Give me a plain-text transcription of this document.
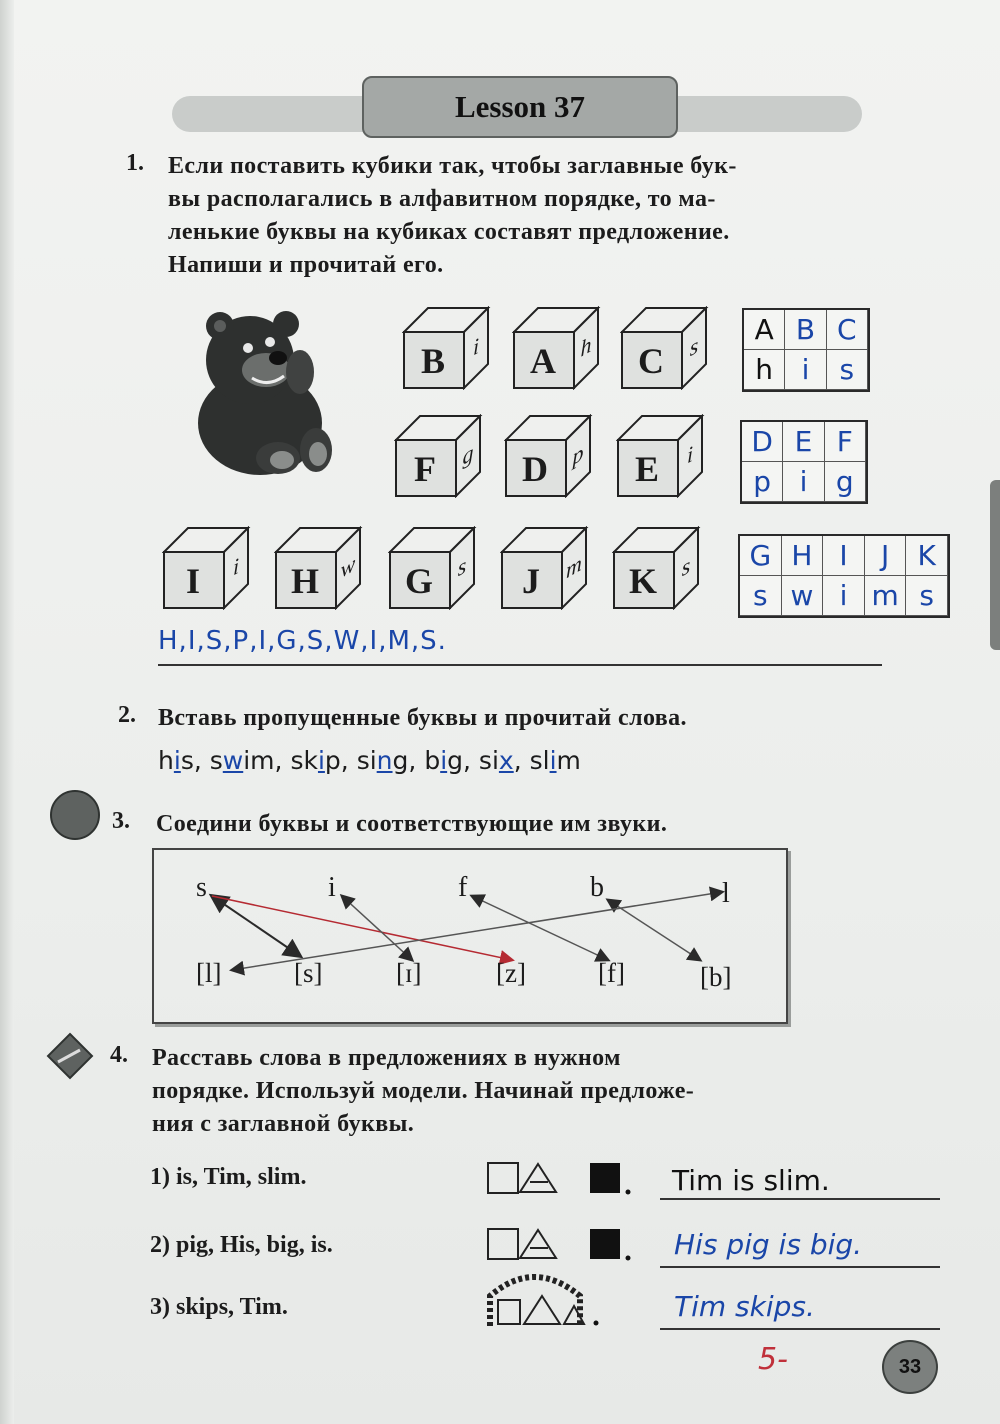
Lesson 37
1. Если поставить кубики так, чтобы заглавные бук-
вы располагались в алфавитном порядке, то ма-
ленькие буквы на кубиках составят предложение.
Напиши и прочитай его.
B	i	A	h	C	s
F	g	D	p	E	i
I	i	H w	G	s	J	m	K	s
A B C
h	i	s
D E F
p	i	g
G H I	J	K
s w i m s
H,I,S,P,I,G,S,W,I,M,S.
2. Вставь пропущенные буквы и прочитай слова.
his, swim, skip, sing, big, six, slim
3. Соедини буквы и соответствующие им звуки.
s	i	f	b	l
[l]	[s]	[ɪ]	[z]	[f]	[b]
4. Расставь слова в предложениях в нужном
порядке. Используй модели. Начинай предложе-
ния с заглавной буквы.
1) is, Tim, slim.	Tim is slim.
2) pig, His, big, is.	His pig is big.
3) skips, Tim.	Tim skips.
5-	33
